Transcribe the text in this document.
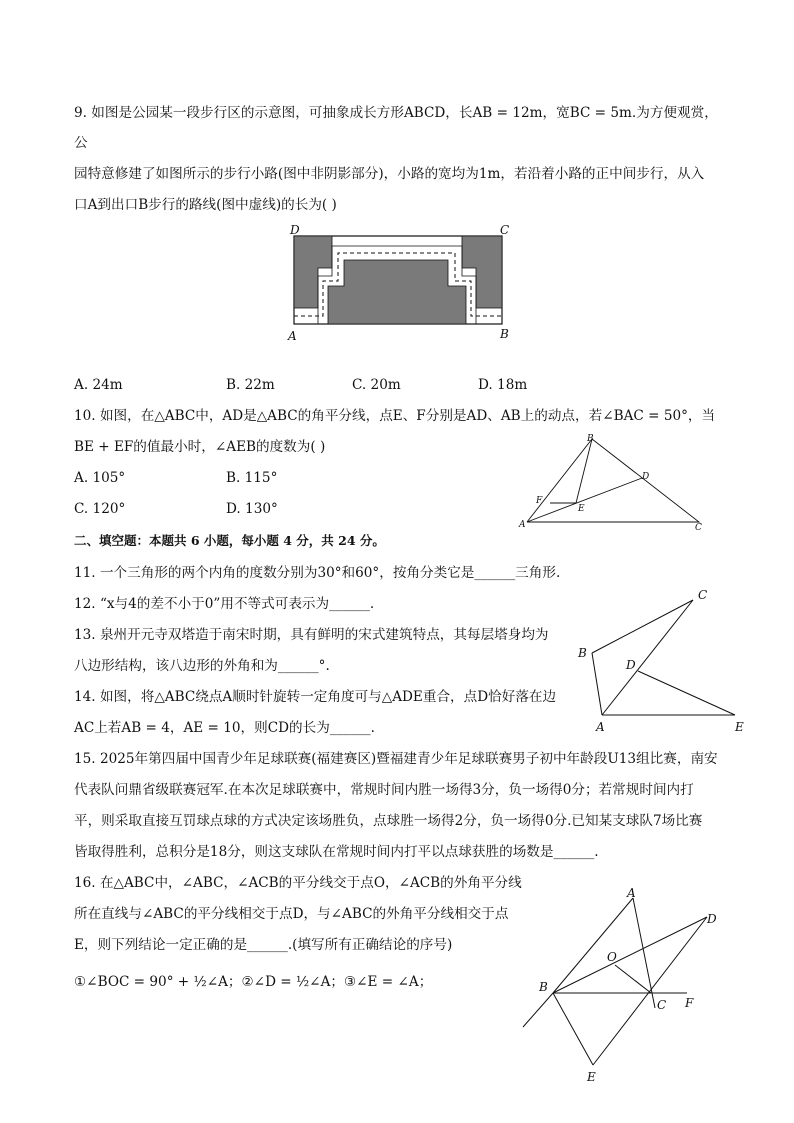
9. 如图是公园某一段步行区的示意图，可抽象成长方形ABCD，长AB = 12m，宽BC = 5m.为方便观赏，
公
园特意修建了如图所示的步行小路(图中非阴影部分)，小路的宽均为1m，若沿着小路的正中间步行，从入
口A到出口B步行的路线(图中虚线)的长为( )
D	C
A	B
A. 24m	B. 22m	C. 20m	D. 18m
10. 如图，在△ABC中，AD是△ABC的角平分线，点E、F分别是AD、AB上的动点，若∠BAC = 50°，当
BE + EF的值最小时，∠AEB的度数为( )
A. 105°	B. 115°
C. 120°	D. 130°
B
D
F
E
A	C
二、填空题：本题共 6 小题，每小题 4 分，共 24 分。
11. 一个三角形的两个内角的度数分别为30°和60°，按角分类它是______三角形.
12. “x与4的差不小于0”用不等式可表示为______.
13. 泉州开元寺双塔造于南宋时期，具有鲜明的宋式建筑特点，其每层塔身均为
八边形结构，该八边形的外角和为______°.
14. 如图，将△ABC绕点A顺时针旋转一定角度可与△ADE重合，点D恰好落在边
AC上若AB = 4，AE = 10，则CD的长为______.
C
B
D
A	E
15. 2025年第四届中国青少年足球联赛(福建赛区)暨福建青少年足球联赛男子初中年龄段U13组比赛，南安
代表队问鼎省级联赛冠军.在本次足球联赛中，常规时间内胜一场得3分，负一场得0分；若常规时间内打
平，则采取直接互罚球点球的方式决定该场胜负，点球胜一场得2分，负一场得0分.已知某支球队7场比赛
皆取得胜利，总积分是18分，则这支球队在常规时间内打平以点球获胜的场数是______.
16. 在△ABC中，∠ABC，∠ACB的平分线交于点O，∠ACB的外角平分线
所在直线与∠ABC的平分线相交于点D，与∠ABC的外角平分线相交于点
E，则下列结论一定正确的是______.(填写所有正确结论的序号)
①∠BOC = 90° + ½∠A；②∠D = ½∠A；③∠E = ∠A；
A
D
O
B
C F
E
